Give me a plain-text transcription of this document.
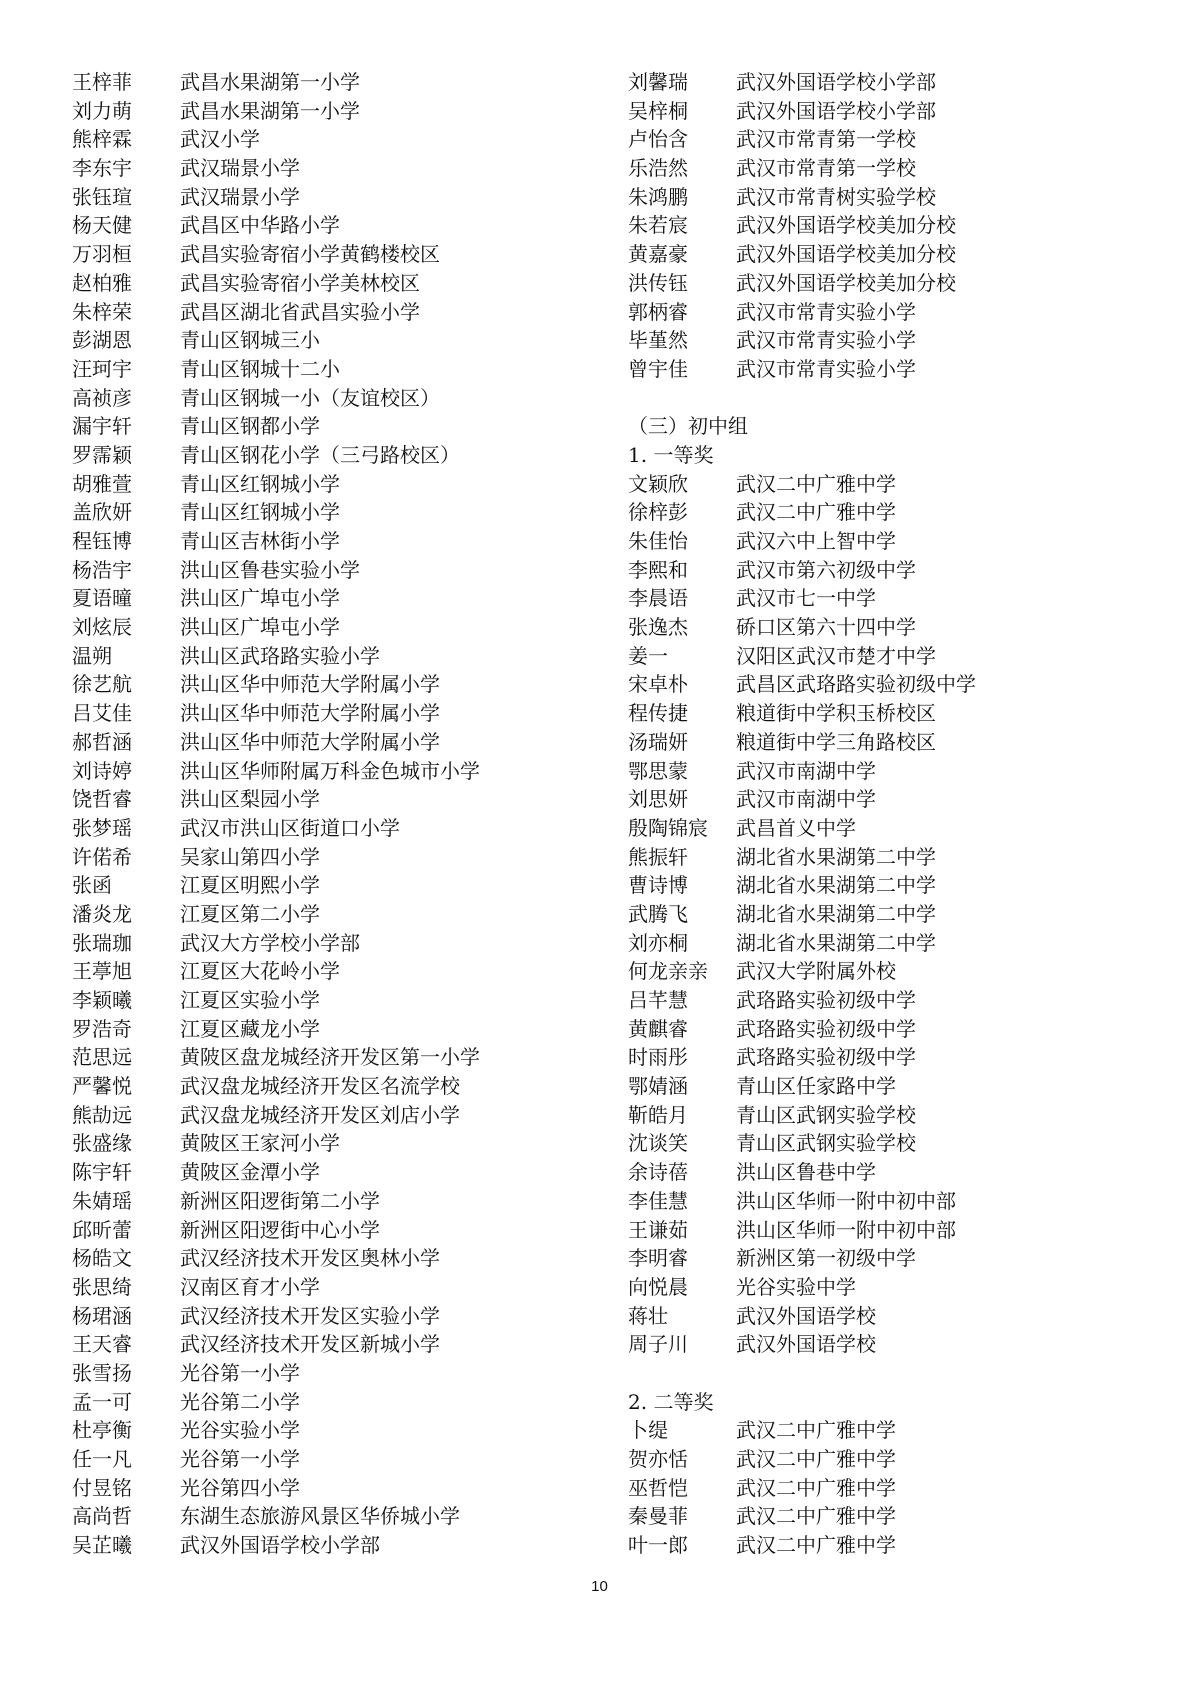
王梓菲 武昌水果湖第一小学
刘力萌 武昌水果湖第一小学
熊梓霖 武汉小学
李东宇 武汉瑞景小学
张钰瑄 武汉瑞景小学
杨天健 武昌区中华路小学
万羽桓 武昌实验寄宿小学黄鹤楼校区
赵柏雅 武昌实验寄宿小学美林校区
朱梓荣 武昌区湖北省武昌实验小学
彭湖恩 青山区钢城三小
汪珂宇 青山区钢城十二小
高祯彦 青山区钢城一小（友谊校区）
漏宇轩 青山区钢都小学
罗霈颖 青山区钢花小学（三弓路校区）
胡雅萱 青山区红钢城小学
盖欣妍 青山区红钢城小学
程钰博 青山区吉林街小学
杨浩宇 洪山区鲁巷实验小学
夏语曈 洪山区广埠屯小学
刘炫辰 洪山区广埠屯小学
温朔	洪山区武珞路实验小学
徐艺航 洪山区华中师范大学附属小学
吕艾佳 洪山区华中师范大学附属小学
郝哲涵 洪山区华中师范大学附属小学
刘诗婷 洪山区华师附属万科金色城市小学
饶哲睿 洪山区梨园小学
张梦瑶 武汉市洪山区街道口小学
许偌希 吴家山第四小学
张函	江夏区明熙小学
潘炎龙 江夏区第二小学
张瑞珈 武汉大方学校小学部
王葶旭 江夏区大花岭小学
李颖曦 江夏区实验小学
罗浩奇 江夏区藏龙小学
范思远 黄陂区盘龙城经济开发区第一小学
严馨悦 武汉盘龙城经济开发区名流学校
熊劼远 武汉盘龙城经济开发区刘店小学
张盛缘 黄陂区王家河小学
陈宇轩 黄陂区金潭小学
朱婧瑶 新洲区阳逻街第二小学
邱昕蕾 新洲区阳逻街中心小学
杨皓文 武汉经济技术开发区奥林小学
张思绮 汉南区育才小学
杨珺涵 武汉经济技术开发区实验小学
王天睿 武汉经济技术开发区新城小学
张雪扬 光谷第一小学
孟一可 光谷第二小学
杜亭衡 光谷实验小学
任一凡 光谷第一小学
付昱铭 光谷第四小学
高尚哲 东湖生态旅游风景区华侨城小学
吴芷曦 武汉外国语学校小学部
刘馨瑞 武汉外国语学校小学部
吴梓桐 武汉外国语学校小学部
卢怡含 武汉市常青第一学校
乐浩然 武汉市常青第一学校
朱鸿鹏 武汉市常青树实验学校
朱若宸 武汉外国语学校美加分校
黄嘉豪 武汉外国语学校美加分校
洪传钰 武汉外国语学校美加分校
郭柄睿 武汉市常青实验小学
毕堇然 武汉市常青实验小学
曾宇佳 武汉市常青实验小学
（三）初中组
1. 一等奖
文颖欣 武汉二中广雅中学
徐梓彭 武汉二中广雅中学
朱佳怡 武汉六中上智中学
李熙和 武汉市第六初级中学
李晨语 武汉市七一中学
张逸杰 硚口区第六十四中学
姜一	汉阳区武汉市楚才中学
宋卓朴 武昌区武珞路实验初级中学
程传捷 粮道街中学积玉桥校区
汤瑞妍 粮道街中学三角路校区
鄂思蒙 武汉市南湖中学
刘思妍 武汉市南湖中学
殷陶锦宸 武昌首义中学
熊振轩 湖北省水果湖第二中学
曹诗博 湖北省水果湖第二中学
武腾飞 湖北省水果湖第二中学
刘亦桐 湖北省水果湖第二中学
何龙亲亲 武汉大学附属外校
吕芊慧 武珞路实验初级中学
黄麒睿 武珞路实验初级中学
时雨彤 武珞路实验初级中学
鄂婧涵 青山区任家路中学
靳皓月 青山区武钢实验学校
沈谈笑 青山区武钢实验学校
余诗蓓 洪山区鲁巷中学
李佳慧 洪山区华师一附中初中部
王谦茹 洪山区华师一附中初中部
李明睿 新洲区第一初级中学
向悦晨 光谷实验中学
蒋壮	武汉外国语学校
周子川 武汉外国语学校
2. 二等奖
卜缇	武汉二中广雅中学
贺亦恬 武汉二中广雅中学
巫哲恺 武汉二中广雅中学
秦曼菲 武汉二中广雅中学
叶一郎 武汉二中广雅中学
10
